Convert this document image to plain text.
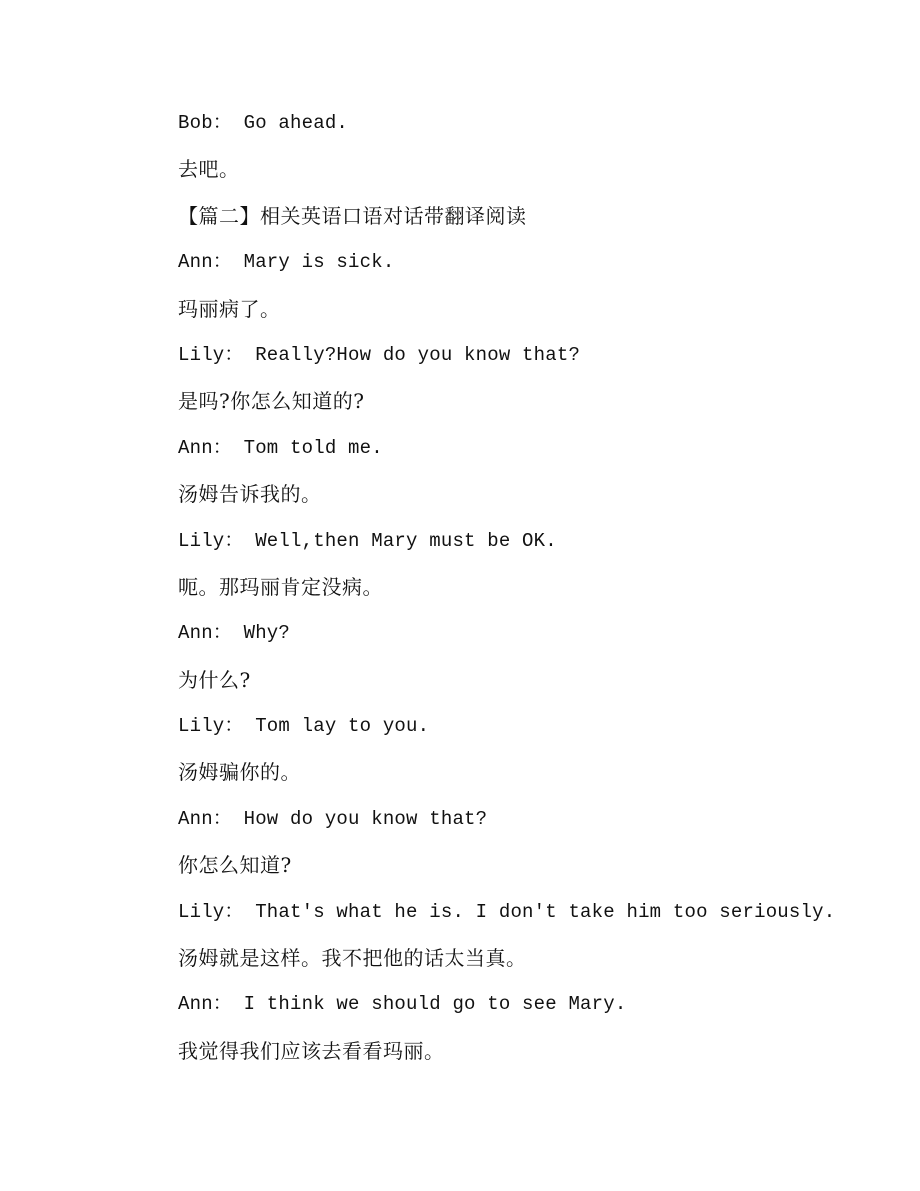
Bob： Go ahead.
去吧。
【篇二】相关英语口语对话带翻译阅读
Ann： Mary is sick.
玛丽病了。
Lily： Really?How do you know that?
是吗?你怎么知道的?
Ann： Tom told me.
汤姆告诉我的。
Lily： Well,then Mary must be OK.
呃。那玛丽肯定没病。
Ann： Why?
为什么?
Lily： Tom lay to you.
汤姆骗你的。
Ann： How do you know that?
你怎么知道?
Lily： That's what he is. I don't take him too seriously.
汤姆就是这样。我不把他的话太当真。
Ann： I think we should go to see Mary.
我觉得我们应该去看看玛丽。
